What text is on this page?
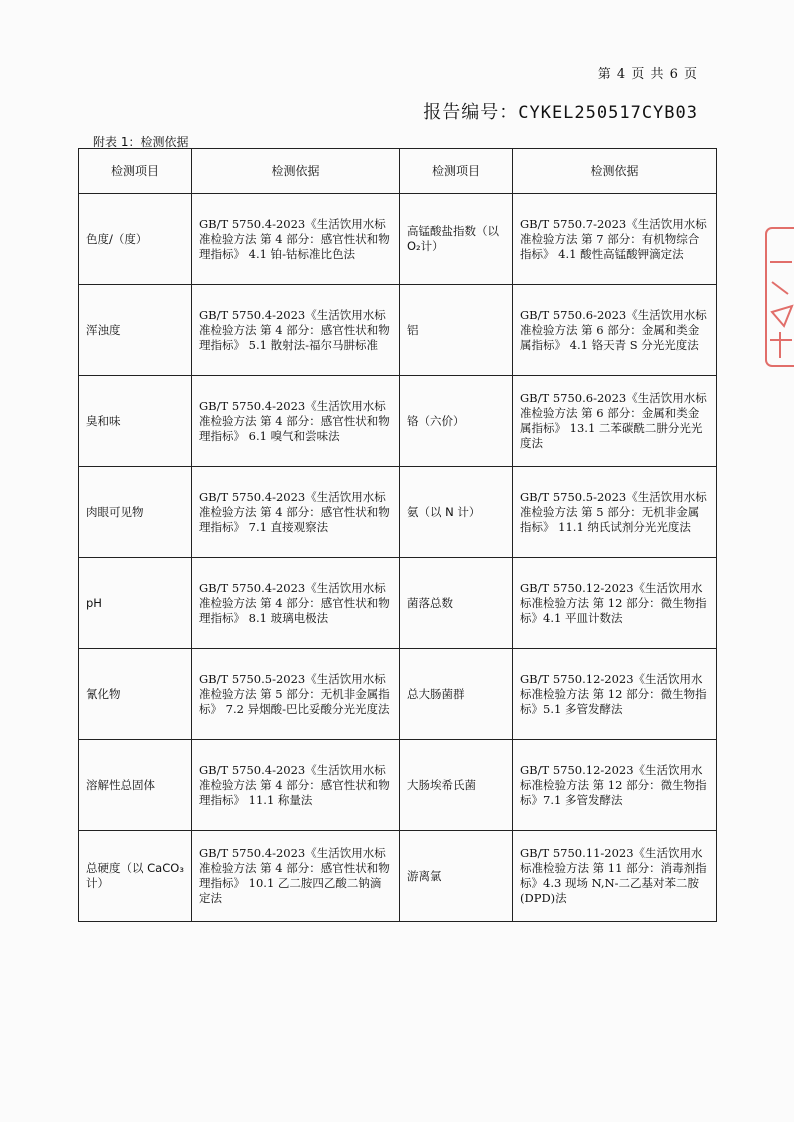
第 4 页 共 6 页
报告编号：CYKEL250517CYB03
附表 1：检测依据
检测项目	检测依据	检测项目	检测依据
色度/（度）	GB/T 5750.4-2023《生活饮用水标准检验方法 第 4 部分：感官性状和物理指标》 4.1 铂-钴标准比色法	高锰酸盐指数（以O₂计）	GB/T 5750.7-2023《生活饮用水标准检验方法 第 7 部分：有机物综合指标》 4.1 酸性高锰酸钾滴定法
浑浊度	GB/T 5750.4-2023《生活饮用水标准检验方法 第 4 部分：感官性状和物理指标》 5.1 散射法-福尔马肼标准	铝	GB/T 5750.6-2023《生活饮用水标准检验方法 第 6 部分：金属和类金属指标》 4.1 铬天青 S 分光光度法
臭和味	GB/T 5750.4-2023《生活饮用水标准检验方法 第 4 部分：感官性状和物理指标》 6.1 嗅气和尝味法	铬（六价）	GB/T 5750.6-2023《生活饮用水标准检验方法 第 6 部分：金属和类金属指标》 13.1 二苯碳酰二肼分光光度法
肉眼可见物	GB/T 5750.4-2023《生活饮用水标准检验方法 第 4 部分：感官性状和物理指标》 7.1 直接观察法	氨（以 N 计）	GB/T 5750.5-2023《生活饮用水标准检验方法 第 5 部分：无机非金属指标》 11.1 纳氏试剂分光光度法
pH	GB/T 5750.4-2023《生活饮用水标准检验方法 第 4 部分：感官性状和物理指标》 8.1 玻璃电极法	菌落总数	GB/T 5750.12-2023《生活饮用水标准检验方法 第 12 部分：微生物指标》4.1 平皿计数法
氰化物	GB/T 5750.5-2023《生活饮用水标准检验方法 第 5 部分：无机非金属指标》 7.2 异烟酸-巴比妥酸分光光度法	总大肠菌群	GB/T 5750.12-2023《生活饮用水标准检验方法 第 12 部分：微生物指标》5.1 多管发酵法
溶解性总固体	GB/T 5750.4-2023《生活饮用水标准检验方法 第 4 部分：感官性状和物理指标》 11.1 称量法	大肠埃希氏菌	GB/T 5750.12-2023《生活饮用水标准检验方法 第 12 部分：微生物指标》7.1 多管发酵法
总硬度（以 CaCO₃ 计）	GB/T 5750.4-2023《生活饮用水标准检验方法 第 4 部分：感官性状和物理指标》 10.1 乙二胺四乙酸二钠滴定法	游离氯	GB/T 5750.11-2023《生活饮用水标准检验方法 第 11 部分：消毒剂指标》4.3 现场 N,N-二乙基对苯二胺(DPD)法
